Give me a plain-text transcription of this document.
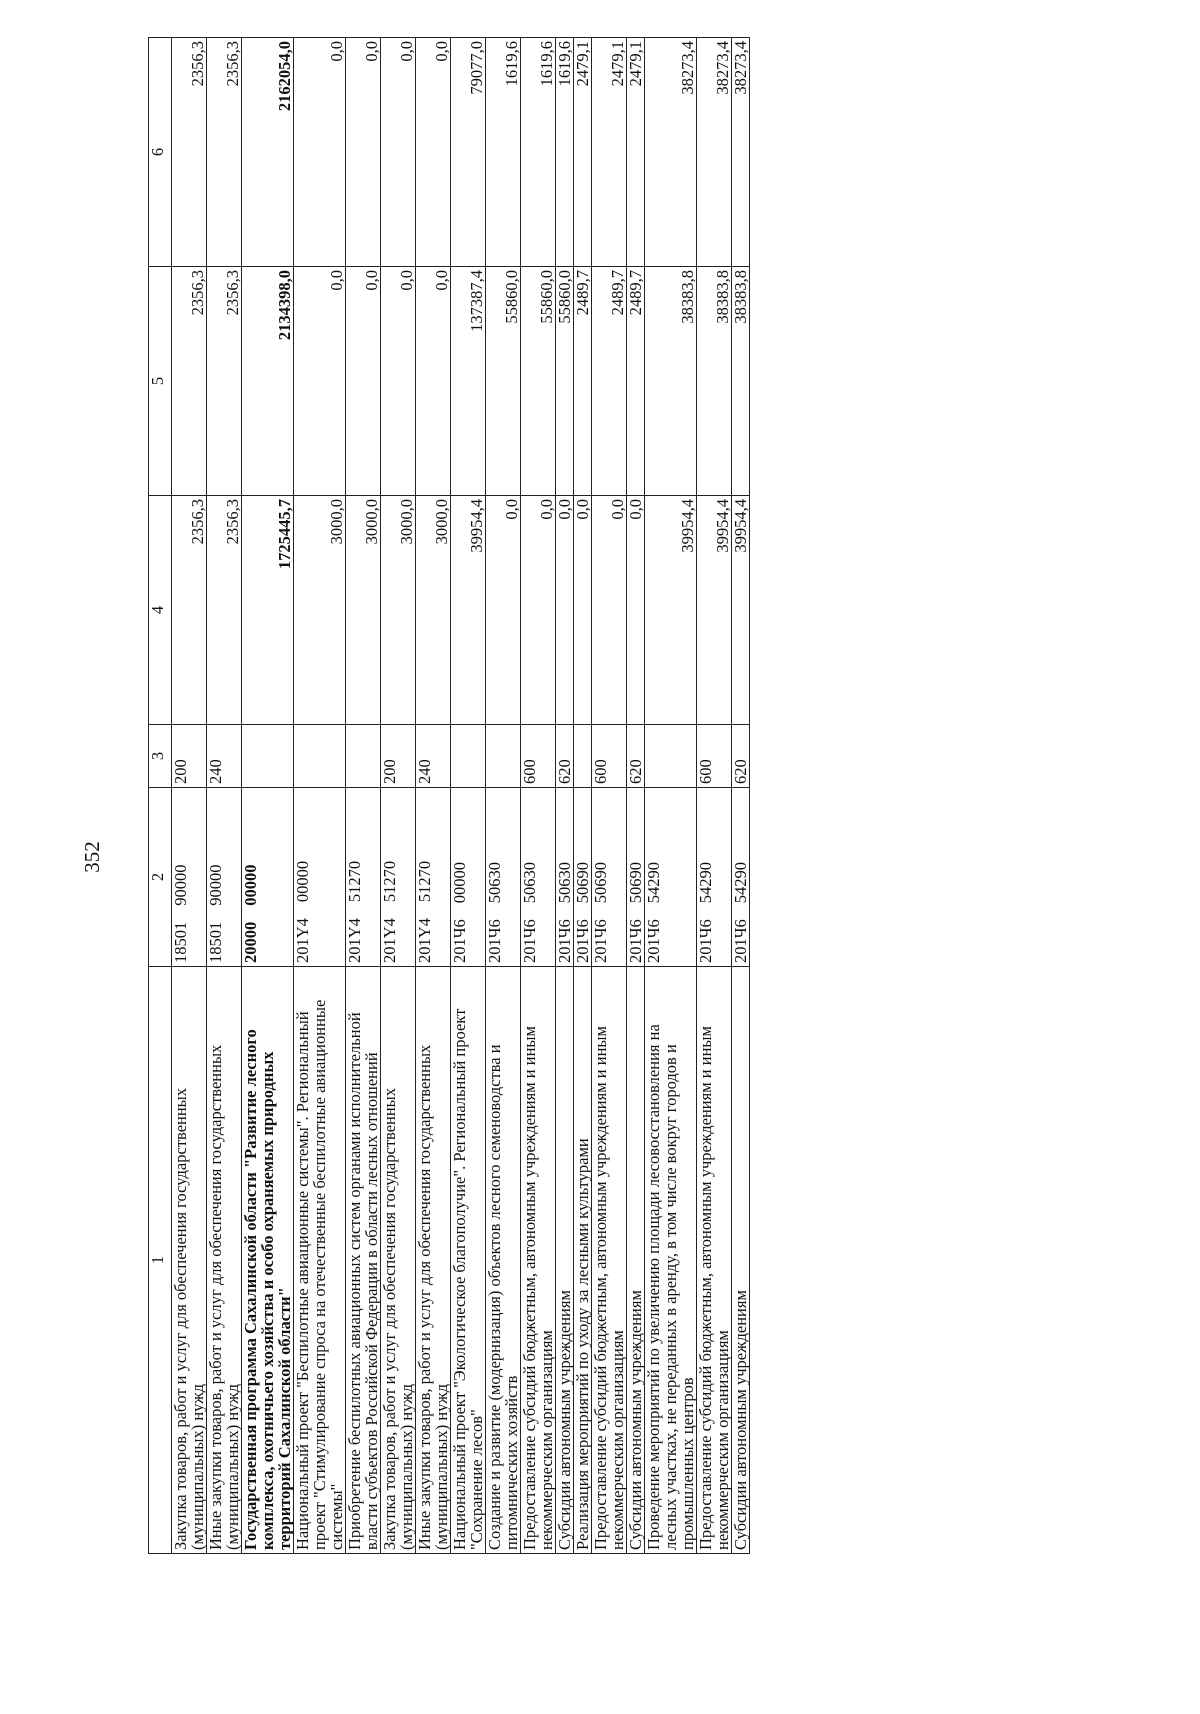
352
1	2	3	4	5	6
Закупка товаров, работ и услуг для обеспечения государственных (муниципальных) нужд	1850190000	200	2356,3	2356,3	2356,3
Иные закупки товаров, работ и услуг для обеспечения государственных (муниципальных) нужд	1850190000	240	2356,3	2356,3	2356,3
Государственная программа Сахалинской области "Развитие лесного комплекса, охотничьего хозяйства и особо охраняемых природных территорий Сахалинской области"	2000000000		1725445,7	2134398,0	2162054,0
Национальный проект "Беспилотные авиационные системы". Региональный проект "Стимулирование спроса на отечественные беспилотные авиационные системы"	201Y400000		3000,0	0,0	0,0
Приобретение беспилотных авиационных систем органами исполнительной власти субъектов Российской Федерации в области лесных отношений	201Y451270		3000,0	0,0	0,0
Закупка товаров, работ и услуг для обеспечения государственных (муниципальных) нужд	201Y451270	200	3000,0	0,0	0,0
Иные закупки товаров, работ и услуг для обеспечения государственных (муниципальных) нужд	201Y451270	240	3000,0	0,0	0,0
Национальный проект "Экологическое благополучие". Региональный проект "Сохранение лесов"	201Ч600000		39954,4	137387,4	79077,0
Создание и развитие (модернизация) объектов лесного семеноводства и питомнических хозяйств	201Ч650630		0,0	55860,0	1619,6
Предоставление субсидий бюджетным, автономным учреждениям и иным некоммерческим организациям	201Ч650630	600	0,0	55860,0	1619,6
Субсидии автономным учреждениям	201Ч650630	620	0,0	55860,0	1619,6
Реализация мероприятий по уходу за лесными культурами	201Ч650690		0,0	2489,7	2479,1
Предоставление субсидий бюджетным, автономным учреждениям и иным некоммерческим организациям	201Ч650690	600	0,0	2489,7	2479,1
Субсидии автономным учреждениям	201Ч650690	620	0,0	2489,7	2479,1
Проведение мероприятий по увеличению площади лесовосстановления на лесных участках, не переданных в аренду, в том числе вокруг городов и промышленных центров	201Ч654290		39954,4	38383,8	38273,4
Предоставление субсидий бюджетным, автономным учреждениям и иным некоммерческим организациям	201Ч654290	600	39954,4	38383,8	38273,4
Субсидии автономным учреждениям	201Ч654290	620	39954,4	38383,8	38273,4
